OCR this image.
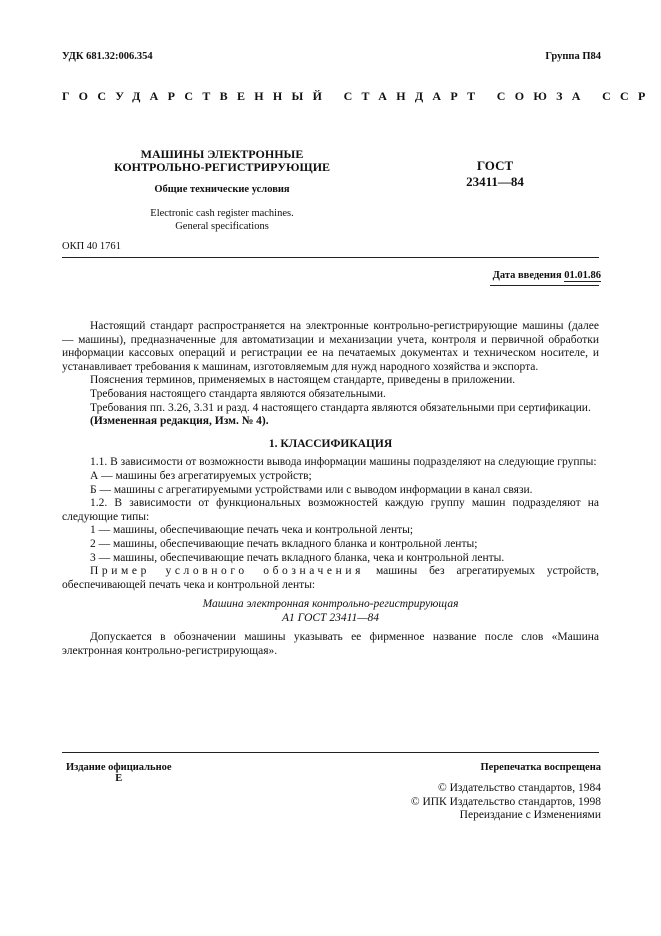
УДК 681.32:006.354	Группа П84
ГОСУДАРСТВЕННЫЙ СТАНДАРТ СОЮЗА ССР
МАШИНЫ ЭЛЕКТРОННЫЕ
КОНТРОЛЬНО-РЕГИСТРИРУЮЩИЕ
Общие технические условия
Electronic cash register machines.
General specifications
ГОСТ
23411—84
ОКП 40 1761
Дата введения 01.01.86

Настоящий стандарт распространяется на электронные контрольно-регистрирующие машины (далее — машины), предназначенные для автоматизации и механизации учета, контроля и первичной обработки информации кассовых операций и регистрации ее на печатаемых документах и техническом носителе, и устанавливает требования к машинам, изготовляемым для нужд народного хозяйства и экспорта.

Пояснения терминов, применяемых в настоящем стандарте, приведены в приложении.

Требования настоящего стандарта являются обязательными.

Требования пп. 3.26, 3.31 и разд. 4 настоящего стандарта являются обязательными при сертификации.

(Измененная редакция, Изм. № 4).

1. КЛАССИФИКАЦИЯ

1.1. В зависимости от возможности вывода информации машины подразделяют на следующие группы:

А — машины без агрегатируемых устройств;

Б — машины с агрегатируемыми устройствами или с выводом информации в канал связи.

1.2. В зависимости от функциональных возможностей каждую группу машин подразделяют на следующие типы:

1 — машины, обеспечивающие печать чека и контрольной ленты;

2 — машины, обеспечивающие печать вкладного бланка и контрольной ленты;

3 — машины, обеспечивающие печать вкладного бланка, чека и контрольной ленты.

Пример условного обозначения машины без агрегатируемых устройств, обеспечивающей печать чека и контрольной ленты:

Машина электронная контрольно-регистрирующая

А1 ГОСТ 23411—84

Допускается в обозначении машины указывать ее фирменное название после слов «Машина электронная контрольно-регистрирующая».

Издание официальное
Е
Перепечатка воспрещена
© Издательство стандартов, 1984
© ИПК Издательство стандартов, 1998
Переиздание с Изменениями
